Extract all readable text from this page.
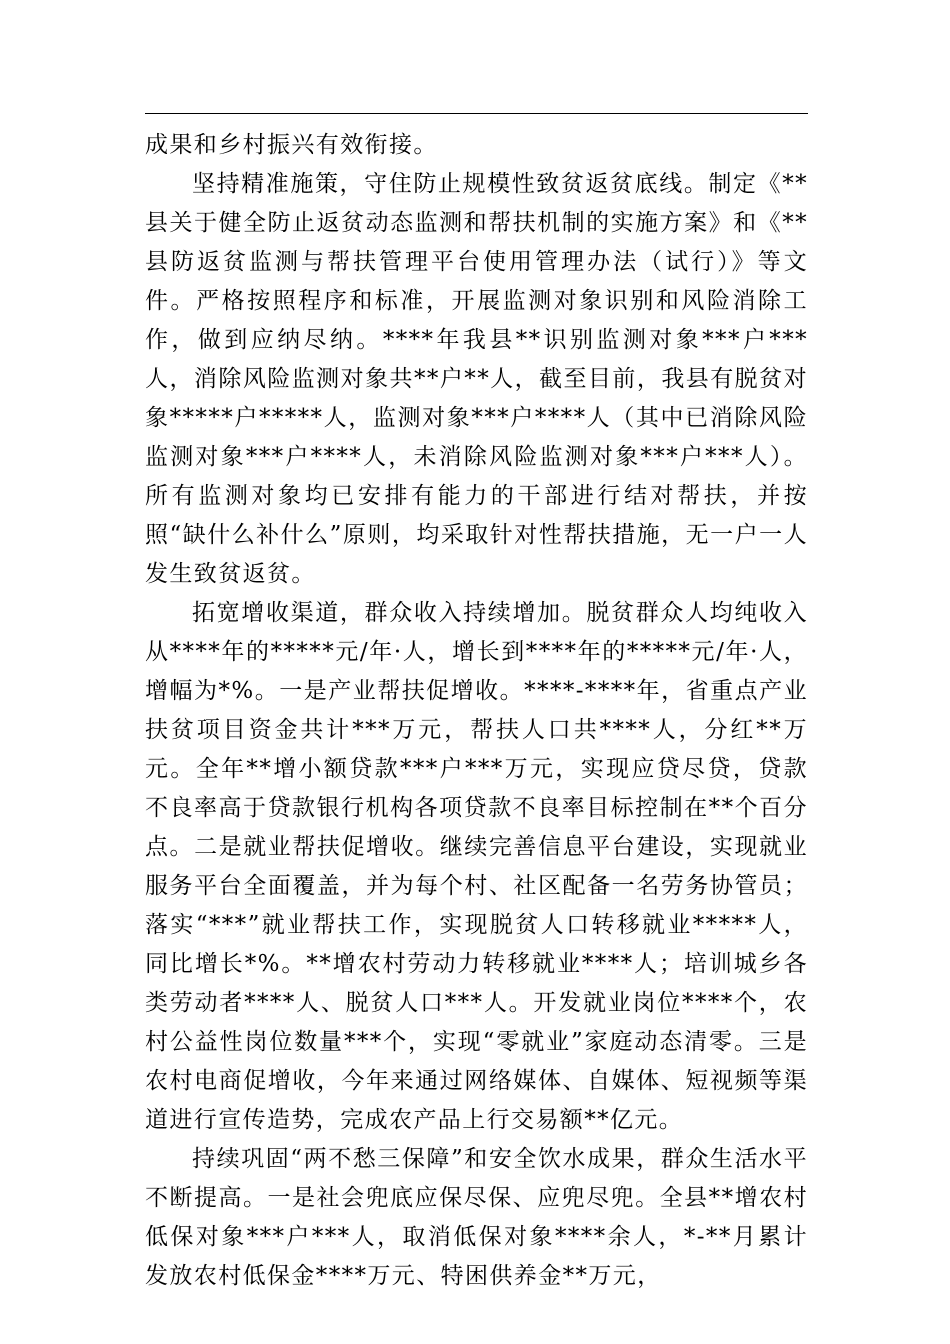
成果和乡村振兴有效衔接。

坚持精准施策，守住防止规模性致贫返贫底线。制定《**县关于健全防止返贫动态监测和帮扶机制的实施方案》和《**县防返贫监测与帮扶管理平台使用管理办法（试行）》等文件。严格按照程序和标准，开展监测对象识别和风险消除工作，做到应纳尽纳。****年我县**识别监测对象***户***人，消除风险监测对象共**户**人，截至目前，我县有脱贫对象*****户*****人，监测对象***户****人（其中已消除风险监测对象***户****人，未消除风险监测对象***户***人）。所有监测对象均已安排有能力的干部进行结对帮扶，并按照“缺什么补什么”原则，均采取针对性帮扶措施，无一户一人发生致贫返贫。

拓宽增收渠道，群众收入持续增加。脱贫群众人均纯收入从****年的*****元/年·人，增长到****年的*****元/年·人，增幅为*%。一是产业帮扶促增收。****-****年，省重点产业扶贫项目资金共计***万元，帮扶人口共****人，分红**万元。全年**增小额贷款***户***万元，实现应贷尽贷，贷款不良率高于贷款银行机构各项贷款不良率目标控制在**个百分点。二是就业帮扶促增收。继续完善信息平台建设，实现就业服务平台全面覆盖，并为每个村、社区配备一名劳务协管员；落实“***”就业帮扶工作，实现脱贫人口转移就业*****人，同比增长*%。**增农村劳动力转移就业****人；培训城乡各类劳动者****人、脱贫人口***人。开发就业岗位****个，农村公益性岗位数量***个，实现“零就业”家庭动态清零。三是农村电商促增收，今年来通过网络媒体、自媒体、短视频等渠道进行宣传造势，完成农产品上行交易额**亿元。

持续巩固“两不愁三保障”和安全饮水成果，群众生活水平不断提高。一是社会兜底应保尽保、应兜尽兜。全县**增农村低保对象***户***人，取消低保对象****余人，*-**月累计发放农村低保金****万元、特困供养金**万元，
